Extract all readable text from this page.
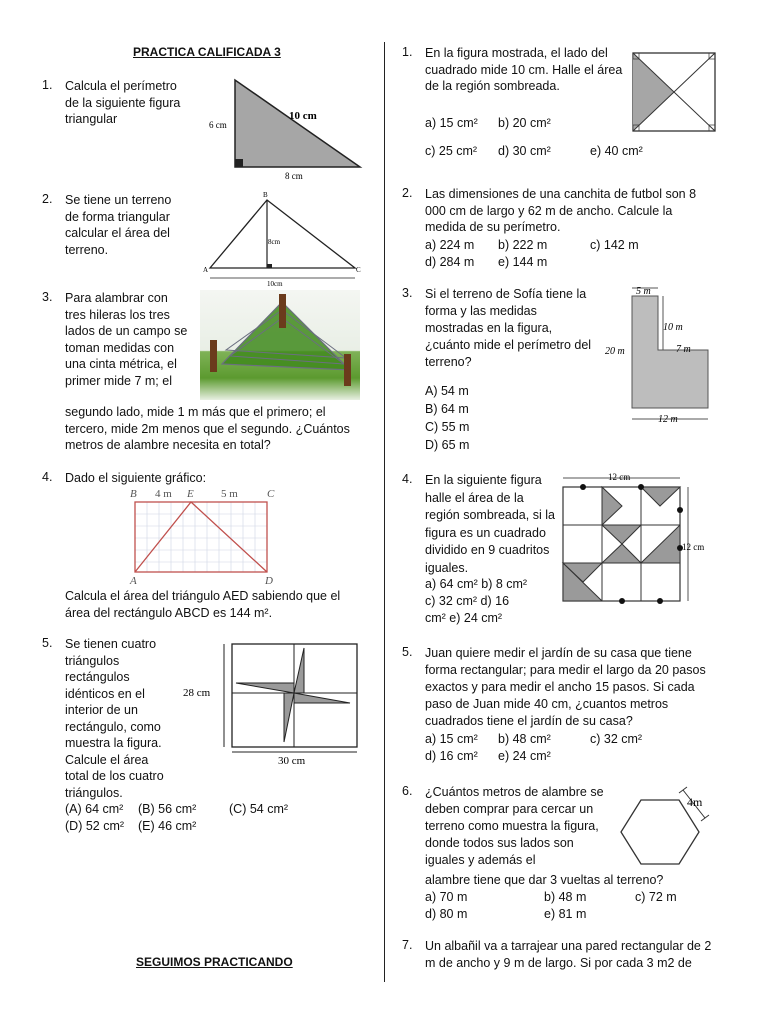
PRACTICA CALIFICADA 3
1. Calcula el perímetro de la siguiente figura triangular	6 cm
10 cm
8 cm
2. Se tiene un terreno de forma triangular calcular el área del terreno.
B
A	C
8cm
10cm
3. Para alambrar con tres hileras los tres lados de un campo se toman medidas con una cinta métrica, el primer mide 7 m; el
segundo lado, mide 1 m más que el primero; el tercero, mide 2m menos que el segundo. ¿Cuántos metros de alambre necesita en total?
4. Dado el siguiente gráfico:
B 4 m E 5 m	C
A	D
Calcula el área del triángulo AED sabiendo que el área del rectángulo ABCD es 144 m².
5. Se tienen cuatro triángulos rectángulos idénticos en el interior de un rectángulo, como muestra la figura. Calcule el área total de los cuatro triángulos.
28 cm
30 cm
(A) 64 cm² (B) 56 cm²	(C) 54 cm²
(D) 52 cm² (E) 46 cm²
SEGUIMOS PRACTICANDO
1. En la figura mostrada, el lado del cuadrado mide 10 cm. Halle el área de la región sombreada.
a) 15 cm² b) 20 cm²
c) 25 cm² d) 30 cm²	e) 40 cm²
2. Las dimensiones de una canchita de futbol son 8 000 cm de largo y 62 m de ancho. Calcule la medida de su perímetro.
a) 224 m b) 222 m	c) 142 m
d) 284 m e) 144 m
3. Si el terreno de Sofía tiene la forma y las medidas mostradas en la figura, ¿cuánto mide el perímetro del terreno?
A) 54 m
B) 64 m
C) 55 m
D) 65 m
5 m
20 m
10 m
7 m
12 m
4. En la siguiente figura halle el área de la región sombreada, si la figura es un cuadrado dividido en 9 cuadritos iguales.
a) 64 cm² b) 8 cm²
c) 32 cm² d) 16
cm² e) 24 cm²
12 cm
12 cm
5. Juan quiere medir el jardín de su casa que tiene forma rectangular; para medir el largo da 20 pasos exactos y para medir el ancho 15 pasos. Si cada paso de Juan mide 40 cm, ¿cuantos metros cuadrados tiene el jardín de su casa?
a) 15 cm² b) 48 cm²	c) 32 cm²
d) 16 cm² e) 24 cm²
6. ¿Cuántos metros de alambre se deben comprar para cercar un terreno como muestra la figura, donde todos sus lados son iguales y además el
alambre tiene que dar 3 vueltas al terreno?
a) 70 m	b) 48 m	c) 72 m
d) 80 m	e) 81 m
4m
7. Un albañil va a tarrajear una pared rectangular de 2 m de ancho y 9 m de largo. Si por cada 3 m2 de
